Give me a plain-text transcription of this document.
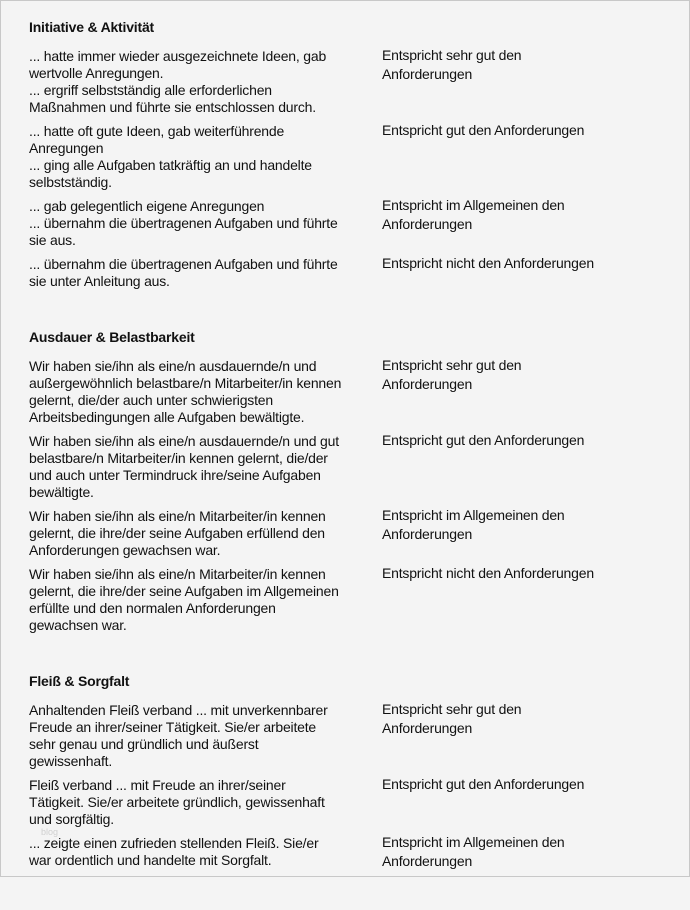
Initiative & Aktivität
... hatte immer wieder ausgezeichnete Ideen, gab
wertvolle Anregungen.
... ergriff selbstständig alle erforderlichen
Maßnahmen und führte sie entschlossen durch.
Entspricht sehr gut den
Anforderungen
... hatte oft gute Ideen, gab weiterführende
Anregungen
... ging alle Aufgaben tatkräftig an und handelte
selbstständig.
Entspricht gut den Anforderungen
... gab gelegentlich eigene Anregungen
... übernahm die übertragenen Aufgaben und führte
sie aus.
Entspricht im Allgemeinen den
Anforderungen
... übernahm die übertragenen Aufgaben und führte
sie unter Anleitung aus.
Entspricht nicht den Anforderungen
Ausdauer & Belastbarkeit
Wir haben sie/ihn als eine/n ausdauernde/n und
außergewöhnlich belastbare/n Mitarbeiter/in kennen
gelernt, die/der auch unter schwierigsten
Arbeitsbedingungen alle Aufgaben bewältigte.
Entspricht sehr gut den
Anforderungen
Wir haben sie/ihn als eine/n ausdauernde/n und gut
belastbare/n Mitarbeiter/in kennen gelernt, die/der
und auch unter Termindruck ihre/seine Aufgaben
bewältigte.
Entspricht gut den Anforderungen
Wir haben sie/ihn als eine/n Mitarbeiter/in kennen
gelernt, die ihre/der seine Aufgaben erfüllend den
Anforderungen gewachsen war.
Entspricht im Allgemeinen den
Anforderungen
Wir haben sie/ihn als eine/n Mitarbeiter/in kennen
gelernt, die ihre/der seine Aufgaben im Allgemeinen
erfüllte und den normalen Anforderungen
gewachsen war.
Entspricht nicht den Anforderungen
Fleiß & Sorgfalt
Anhaltenden Fleiß verband ... mit unverkennbarer
Freude an ihrer/seiner Tätigkeit. Sie/er arbeitete
sehr genau und gründlich und äußerst
gewissenhaft.
Entspricht sehr gut den
Anforderungen
Fleiß verband ... mit Freude an ihrer/seiner
Tätigkeit. Sie/er arbeitete gründlich, gewissenhaft
und sorgfältig.
Entspricht gut den Anforderungen
... zeigte einen zufrieden stellenden Fleiß. Sie/er
war ordentlich und handelte mit Sorgfalt.
Entspricht im Allgemeinen den
Anforderungen
blog
